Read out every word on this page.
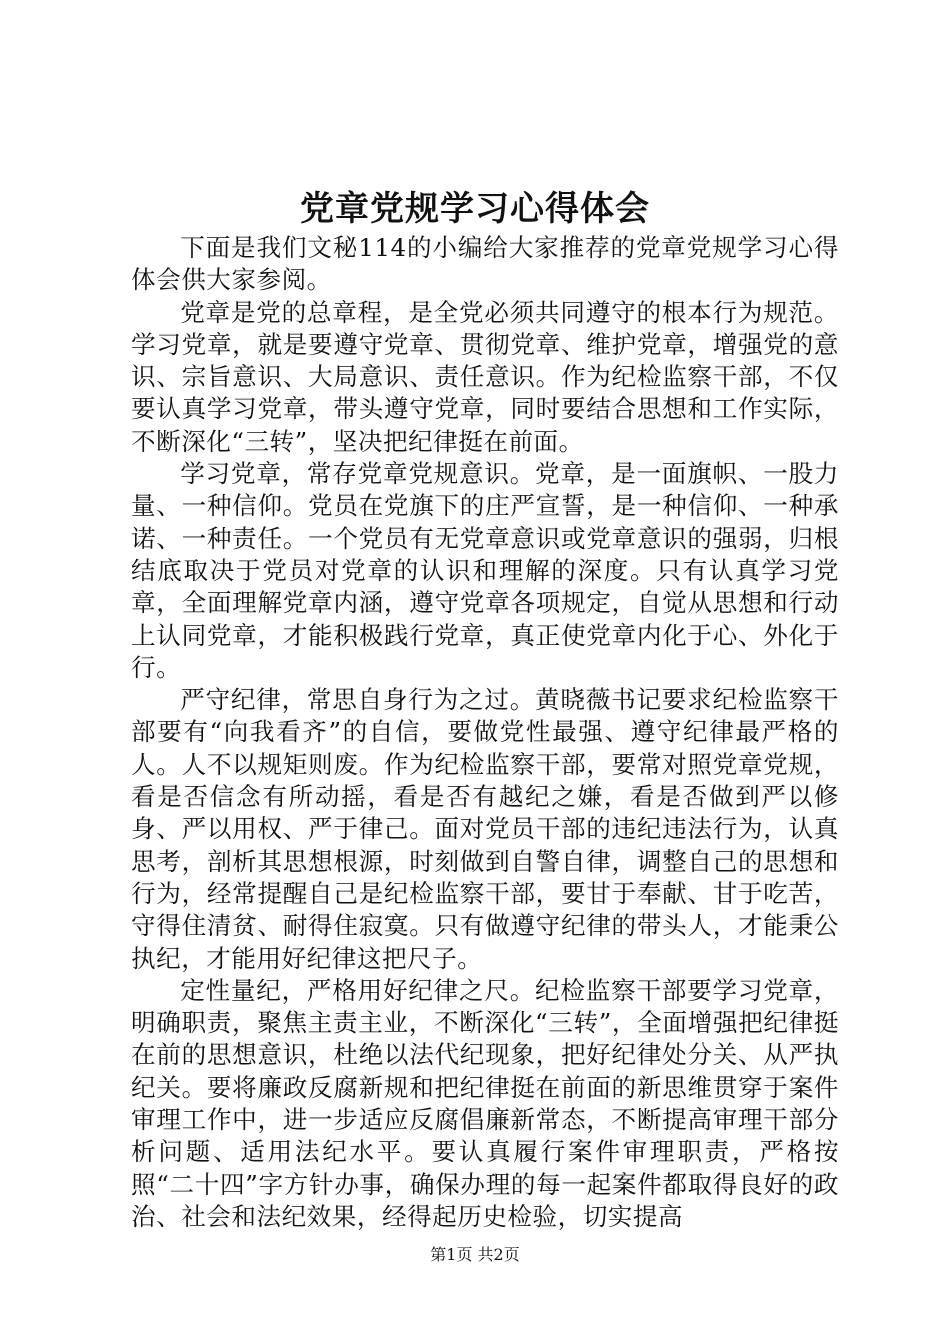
党章党规学习心得体会

下面是我们文秘114的小编给大家推荐的党章党规学习心得体会供大家参阅。

党章是党的总章程，是全党必须共同遵守的根本行为规范。学习党章，就是要遵守党章、贯彻党章、维护党章，增强党的意识、宗旨意识、大局意识、责任意识。作为纪检监察干部，不仅要认真学习党章，带头遵守党章，同时要结合思想和工作实际，不断深化“三转”，坚决把纪律挺在前面。

学习党章，常存党章党规意识。党章，是一面旗帜、一股力量、一种信仰。党员在党旗下的庄严宣誓，是一种信仰、一种承诺、一种责任。一个党员有无党章意识或党章意识的强弱，归根结底取决于党员对党章的认识和理解的深度。只有认真学习党章，全面理解党章内涵，遵守党章各项规定，自觉从思想和行动上认同党章，才能积极践行党章，真正使党章内化于心、外化于行。

严守纪律，常思自身行为之过。黄晓薇书记要求纪检监察干部要有“向我看齐”的自信，要做党性最强、遵守纪律最严格的人。人不以规矩则废。作为纪检监察干部，要常对照党章党规，看是否信念有所动摇，看是否有越纪之嫌，看是否做到严以修身、严以用权、严于律己。面对党员干部的违纪违法行为，认真思考，剖析其思想根源，时刻做到自警自律，调整自己的思想和行为，经常提醒自己是纪检监察干部，要甘于奉献、甘于吃苦，守得住清贫、耐得住寂寞。只有做遵守纪律的带头人，才能秉公执纪，才能用好纪律这把尺子。

定性量纪，严格用好纪律之尺。纪检监察干部要学习党章，明确职责，聚焦主责主业，不断深化“三转”，全面增强把纪律挺在前的思想意识，杜绝以法代纪现象，把好纪律处分关、从严执纪关。要将廉政反腐新规和把纪律挺在前面的新思维贯穿于案件审理工作中，进一步适应反腐倡廉新常态，不断提高审理干部分析问题、适用法纪水平。要认真履行案件审理职责，严格按照“二十四”字方针办事，确保办理的每一起案件都取得良好的政治、社会和法纪效果，经得起历史检验，切实提高

第1页 共2页
